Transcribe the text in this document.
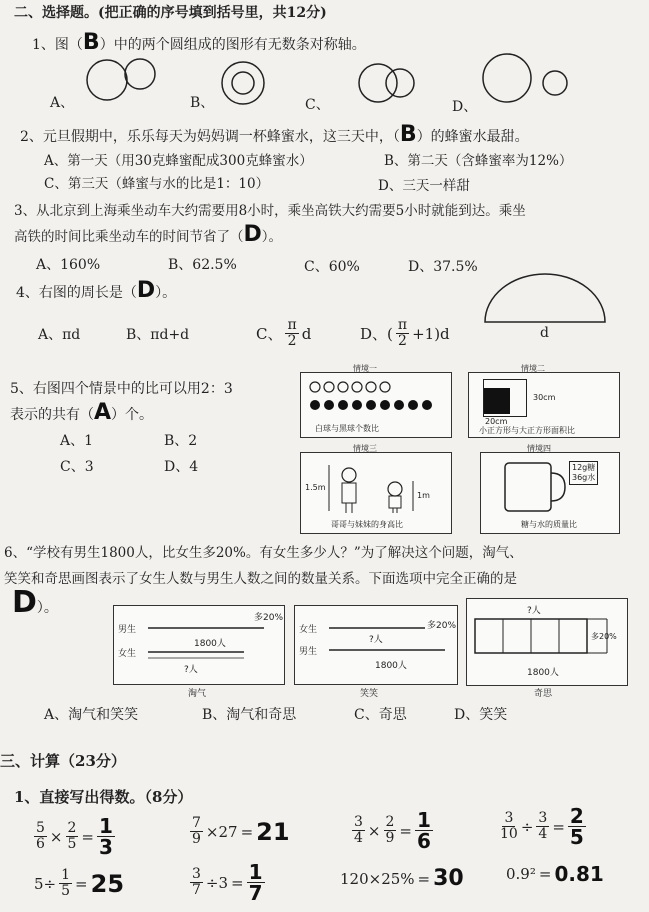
二、选择题。(把正确的序号填到括号里，共12分)
1、图（B）中的两个圆组成的图形有无数条对称轴。
A、	B、	C、	D、
2、元旦假期中，乐乐每天为妈妈调一杯蜂蜜水，这三天中，（B）的蜂蜜水最甜。
A、第一天（用30克蜂蜜配成300克蜂蜜水）	B、第二天（含蜂蜜率为12%）
C、第三天（蜂蜜与水的比是1：10）	D、三天一样甜
3、从北京到上海乘坐动车大约需要用8小时，乘坐高铁大约需要5小时就能到达。乘坐
高铁的时间比乘坐动车的时间节省了（D）。
A、160%	B、62.5%	C、60%	D、37.5%
4、右图的周长是（D）。
d
A、πd	B、πd+d	C、 $\frac{\pi}{2}$ d	D、( $\frac{\pi}{2} +1)d$
5、右图四个情景中的比可以用2：3
表示的共有（A）个。
A、1	B、2
C、3	D、4
情境一
白球与黑球个数比
情境二
20cm
30cm
小正方形与大正方形面积比
情境三
1.5m
1m
哥哥与妹妹的身高比
情境四
12g糖
36g水
糖与水的质量比
6、“学校有男生1800人，比女生多20%。有女生多少人？”为了解决这个问题，淘气、
笑笑和奇思画图表示了女生人数与男生人数之间的数量关系。下面选项中完全正确的是
D）。
男生
女生
多20%
1800人
?人
淘气
女生
男生
?人
多20%
1800人
笑笑
?人
多20%
1800人
奇思
A、淘气和笑笑	B、淘气和奇思	C、奇思	D、笑笑
三、计算（23分）
1、直接写出得数。（8分）
$\frac{5}{6} \times \frac{2}{5} = \frac{1}{3}$	$\frac{7}{9} \times 27 = 21$	$\frac{3}{4} \times \frac{2}{9} = \frac{1}{6}$	$\frac{3}{10} \div \frac{3}{4} = \frac{2}{5}$
$5\div \frac{1}{5} = 25$	$\frac{3}{7} \div 3 = \frac{1}{7}$	120×25% = 30	0.9² = 0.81
